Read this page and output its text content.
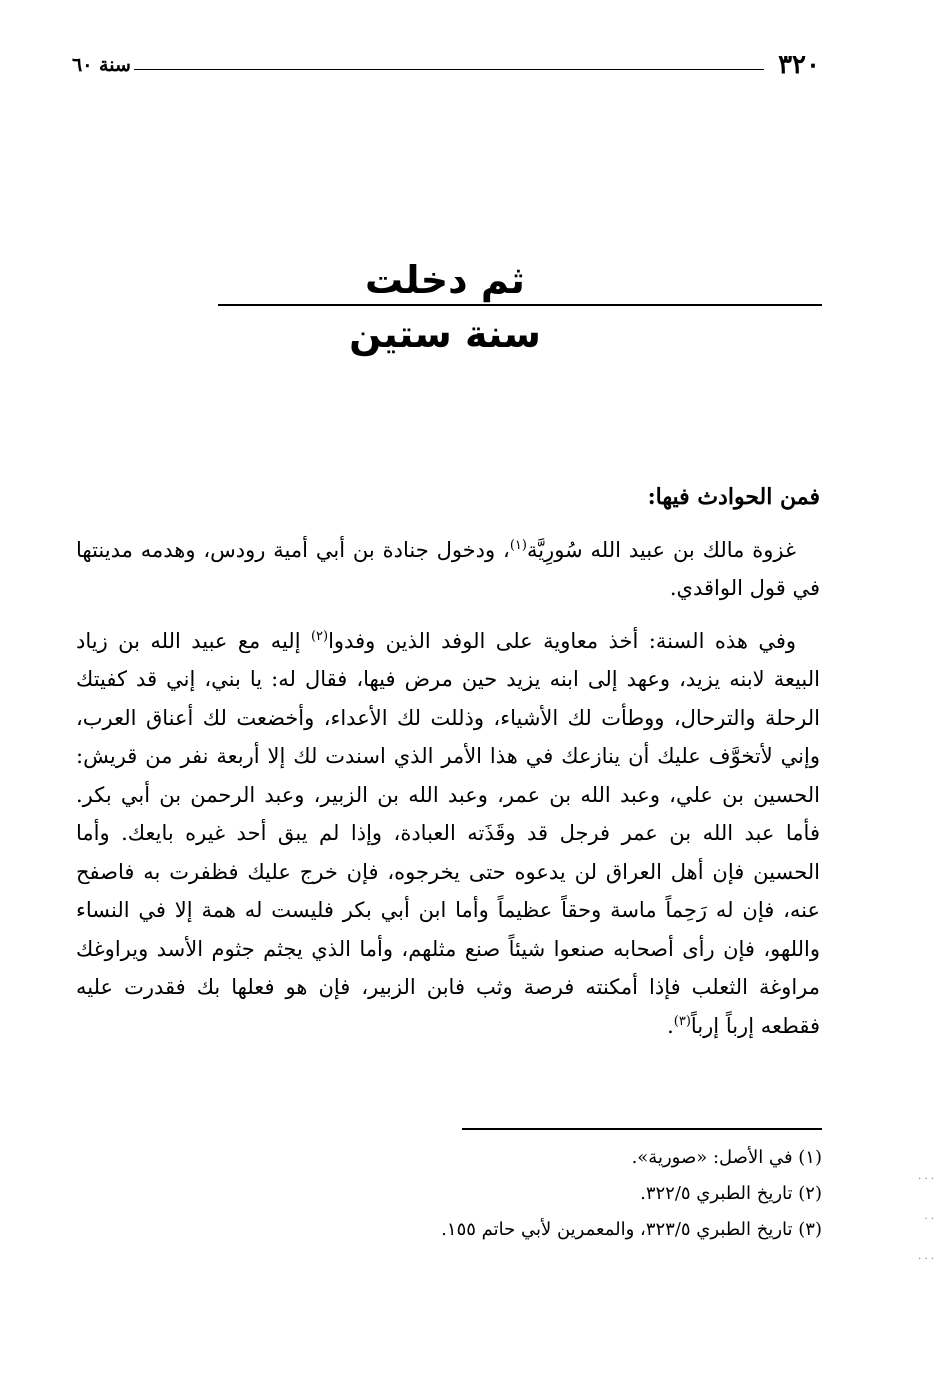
٣٢٠
سنة ٦٠
ثم دخلت
سنة ستين

فمن الحوادث فيها:

غزوة مالك بن عبيد الله سُورِيَّة$^{(١)}$، ودخول جنادة بن أبي أمية رودس، وهدمه مدينتها في قول الواقدي.

وفي هذه السنة: أخذ معاوية على الوفد الذين وفدوا$^{(٢)}$ إليه مع عبيد الله بن زياد البيعة لابنه يزيد، وعهد إلى ابنه يزيد حين مرض فيها، فقال له: يا بني، إني قد كفيتك الرحلة والترحال، ووطأت لك الأشياء، وذللت لك الأعداء، وأخضعت لك أعناق العرب، وإني لأتخوَّف عليك أن ينازعك في هذا الأمر الذي اسندت لك إلا أربعة نفر من قريش: الحسين بن علي، وعبد الله بن عمر، وعبد الله بن الزبير، وعبد الرحمن بن أبي بكر. فأما عبد الله بن عمر فرجل قد وقَذَته العبادة، وإذا لم يبق أحد غيره بايعك. وأما الحسين فإن أهل العراق لن يدعوه حتى يخرجوه، فإن خرج عليك فظفرت به فاصفح عنه، فإن له رَحِماً ماسة وحقاً عظيماً وأما ابن أبي بكر فليست له همة إلا في النساء واللهو، فإن رأى أصحابه صنعوا شيئاً صنع مثلهم، وأما الذي يجثم جثوم الأسد ويراوغك مراوغة الثعلب فإذا أمكنته فرصة وثب فابن الزبير، فإن هو فعلها بك فقدرت عليه فقطعه إرباً إرباً$^{(٣)}$.

(١) في الأصل: «صورية».

(٢) تاريخ الطبري ٣٢٢/٥.

(٣) تاريخ الطبري ٣٢٣/٥، والمعمرين لأبي حاتم ١٥٥.

· · ·
· ·
· · ·
